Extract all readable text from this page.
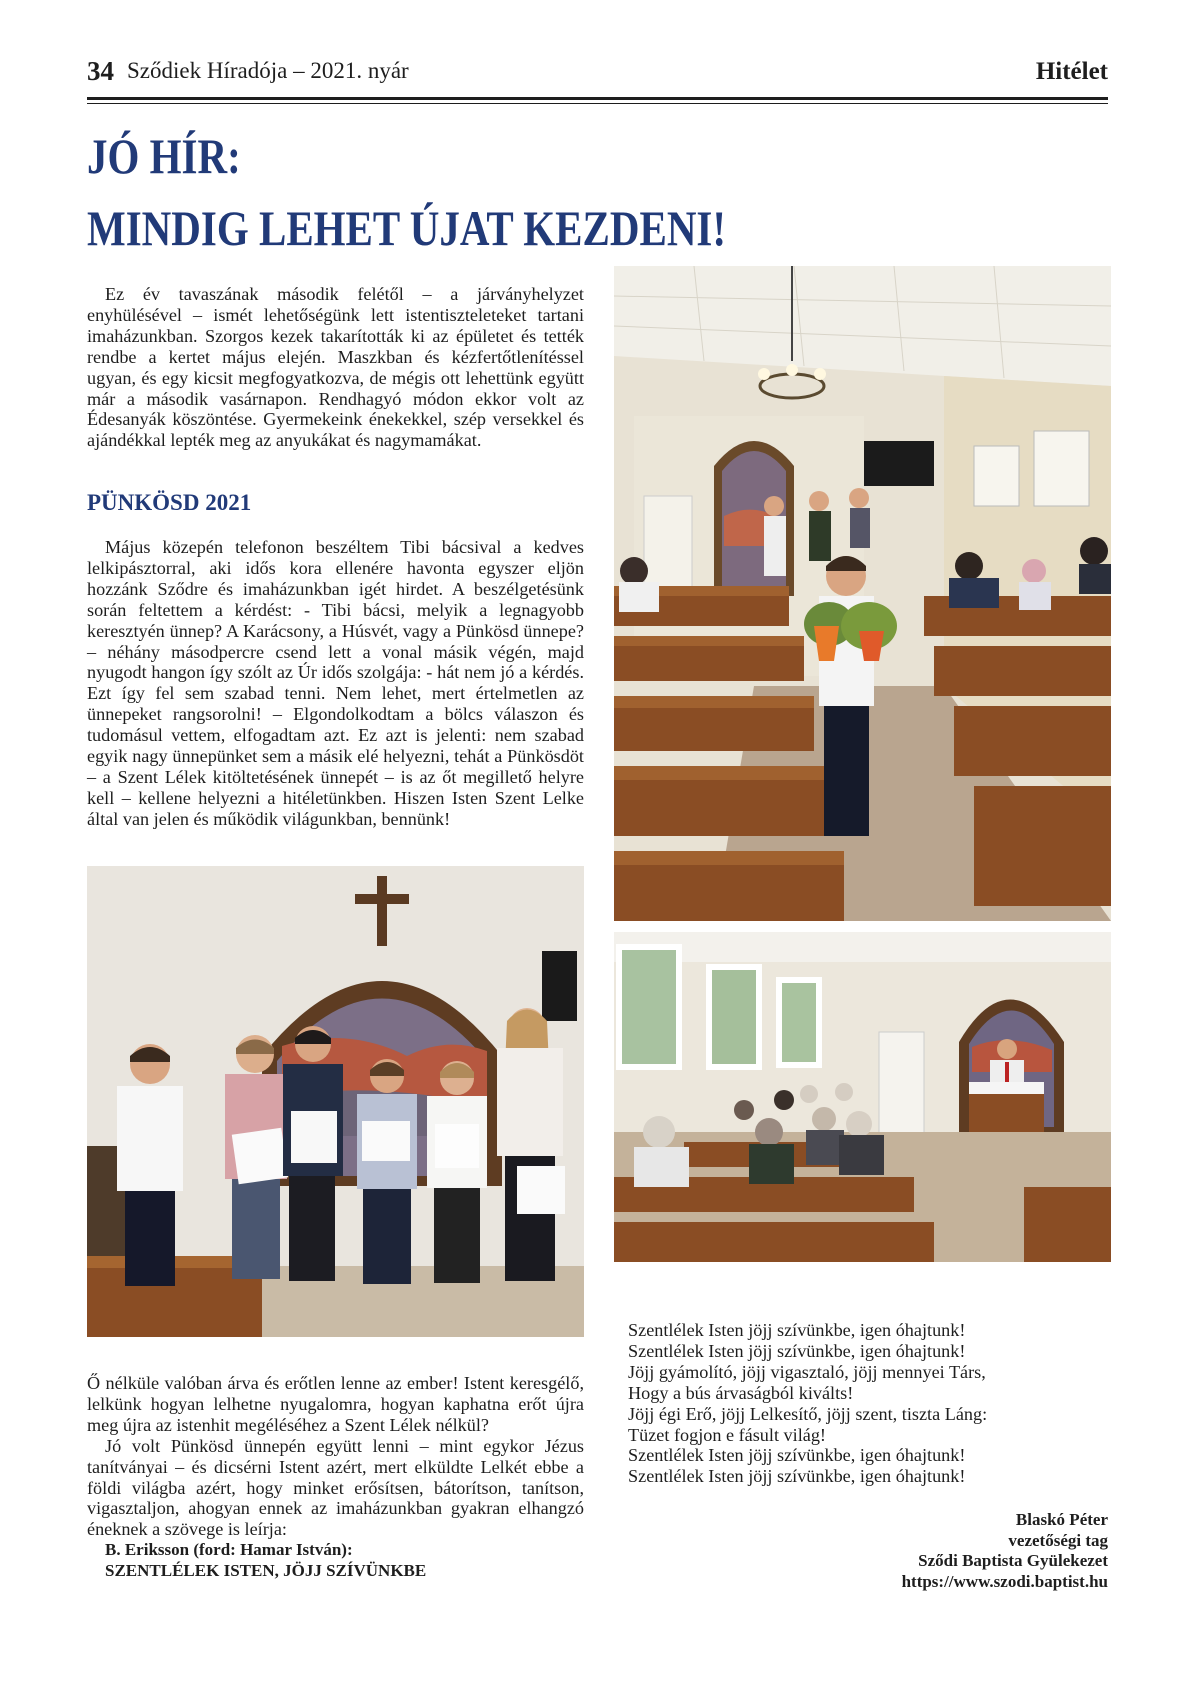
34 Sződiek Híradója – 2021. nyár	Hitélet
JÓ HÍR:
MINDIG LEHET ÚJAT KEZDENI!

Ez év tavaszának második felétől – a járványhelyzet enyhülésével – ismét lehetőségünk lett istentiszteleteket tartani imaházunkban. Szorgos kezek takarították ki az épületet és tették rendbe a kertet május elején. Maszkban és kézfertőtlenítéssel ugyan, és egy kicsit megfogyatkozva, de mégis ott lehettünk együtt már a második vasárnapon. Rendhagyó módon ekkor volt az Édesanyák köszöntése. Gyermekeink énekekkel, szép versekkel és ajándékkal lepték meg az anyukákat és nagymamákat.

PÜNKÖSD 2021

Május közepén telefonon beszéltem Tibi bácsival a kedves lelkipásztorral, aki idős kora ellenére havonta egyszer eljön hozzánk Sződre és imaházunkban igét hirdet. A beszélgetésünk során feltettem a kérdést: - Tibi bácsi, melyik a legnagyobb keresztyén ünnep? A Karácsony, a Húsvét, vagy a Pünkösd ünnepe? – néhány másodpercre csend lett a vonal másik végén, majd nyugodt hangon így szólt az Úr idős szolgája: - hát nem jó a kérdés. Ezt így fel sem szabad tenni. Nem lehet, mert értelmetlen az ünnepeket rangsorolni! – Elgondolkodtam a bölcs válaszon és tudomásul vettem, elfogadtam azt. Ez azt is jelenti: nem szabad egyik nagy ünnepünket sem a másik elé helyezni, tehát a Pünkösdöt – a Szent Lélek kitöltetésének ünnepét – is az őt megillető helyre kell – kellene helyezni a hitéletünkben. Hiszen Isten Szent Lelke által van jelen és működik világunkban, bennünk!

Ő nélküle valóban árva és erőtlen lenne az ember! Istent keresgélő, lelkünk hogyan lelhetne nyugalomra, hogyan kaphatna erőt újra meg újra az istenhit megéléséhez a Szent Lélek nélkül?

Jó volt Pünkösd ünnepén együtt lenni – mint egykor Jézus tanítványai – és dicsérni Istent azért, mert elküldte Lelkét ebbe a földi világba azért, hogy minket erősítsen, bátorítson, tanítson, vigasztaljon, ahogyan ennek az imaházunkban gyakran elhangzó éneknek a szövege is leírja:

B. Eriksson (ford: Hamar István):

SZENTLÉLEK ISTEN, JÖJJ SZÍVÜNKBE

Szentlélek Isten jöjj szívünkbe, igen óhajtunk!
Szentlélek Isten jöjj szívünkbe, igen óhajtunk!
Jöjj gyámolító, jöjj vigasztaló, jöjj mennyei Társ,
Hogy a bús árvaságból kiválts!
Jöjj égi Erő, jöjj Lelkesítő, jöjj szent, tiszta Láng:
Tüzet fogjon e fásult világ!
Szentlélek Isten jöjj szívünkbe, igen óhajtunk!
Szentlélek Isten jöjj szívünkbe, igen óhajtunk!
Blaskó Péter
vezetőségi tag
Sződi Baptista Gyülekezet
https://www.szodi.baptist.hu
